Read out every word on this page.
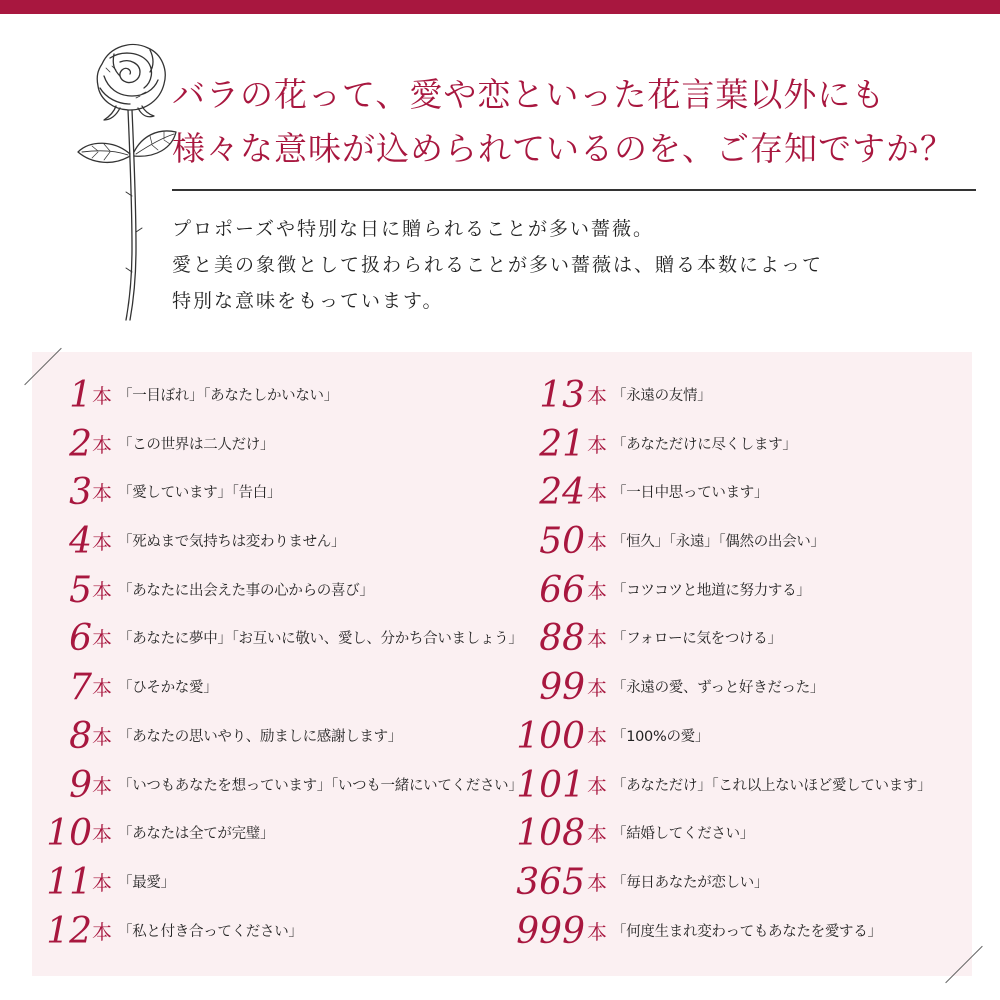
バラの花って、愛や恋といった花言葉以外にも
様々な意味が込められているのを、ご存知ですか？
プロポーズや特別な日に贈られることが多い薔薇。
愛と美の象徴として扱わられることが多い薔薇は、贈る本数によって
特別な意味をもっています。
1 本 「一目ぼれ」「あなたしかいない」
2 本 「この世界は二人だけ」
3 本 「愛しています」「告白」
4 本 「死ぬまで気持ちは変わりません」
5 本 「あなたに出会えた事の心からの喜び」
6 本 「あなたに夢中」「お互いに敬い、愛し、分かち合いましょう」
7 本 「ひそかな愛」
8 本 「あなたの思いやり、励ましに感謝します」
9 本 「いつもあなたを想っています」「いつも一緒にいてください」
10 本 「あなたは全てが完璧」
11 本 「最愛」
12 本 「私と付き合ってください」
13 本 「永遠の友情」
21 本 「あなただけに尽くします」
24 本 「一日中思っています」
50 本 「恒久」「永遠」「偶然の出会い」
66 本 「コツコツと地道に努力する」
88 本 「フォローに気をつける」
99 本 「永遠の愛、ずっと好きだった」
100 本 「100%の愛」
101 本 「あなただけ」「これ以上ないほど愛しています」
108 本 「結婚してください」
365 本 「毎日あなたが恋しい」
999 本 「何度生まれ変わってもあなたを愛する」
